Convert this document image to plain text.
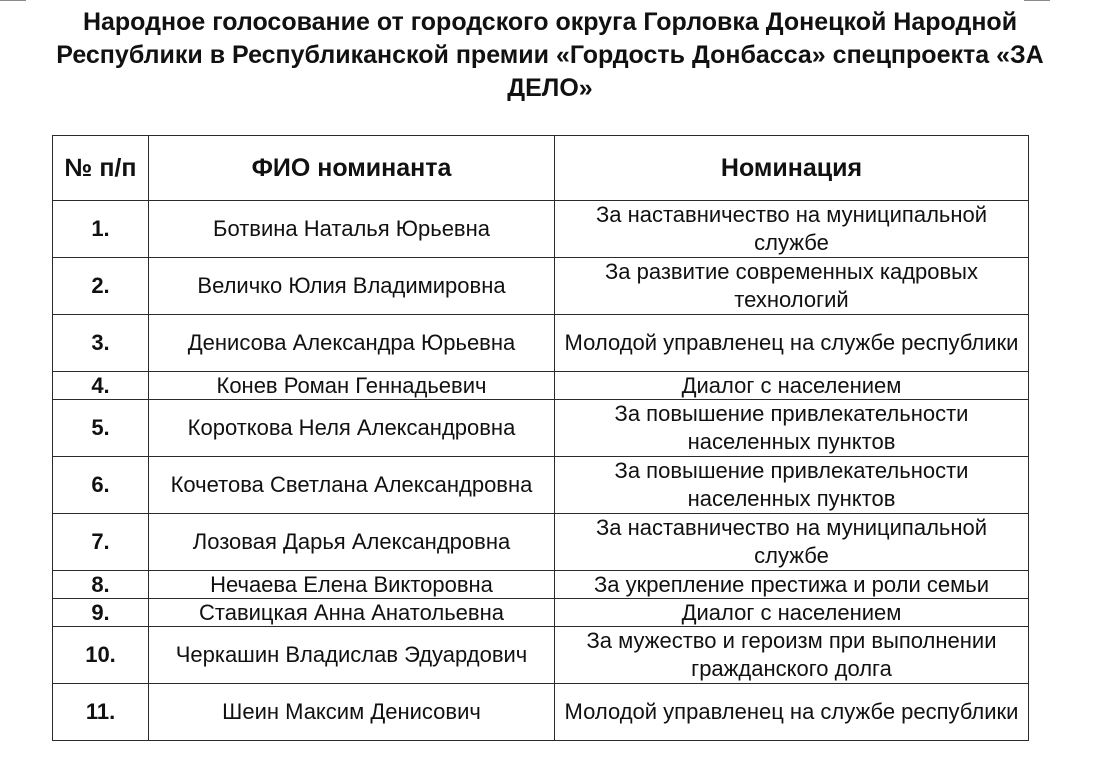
Народное голосование от городского округа Горловка Донецкой Народной Республики в Республиканской премии «Гордость Донбасса» спецпроекта «ЗА ДЕЛО»
№ п/п	ФИО номинанта	Номинация
1.	Ботвина Наталья Юрьевна	За наставничество на муниципальной службе
2.	Величко Юлия Владимировна	За развитие современных кадровых технологий
3.	Денисова Александра Юрьевна	Молодой управленец на службе республики
4.	Конев Роман Геннадьевич	Диалог с населением
5.	Короткова Неля Александровна	За повышение привлекательности населенных пунктов
6.	Кочетова Светлана Александровна	За повышение привлекательности населенных пунктов
7.	Лозовая Дарья Александровна	За наставничество на муниципальной службе
8.	Нечаева Елена Викторовна	За укрепление престижа и роли семьи
9.	Ставицкая Анна Анатольевна	Диалог с населением
10.	Черкашин Владислав Эдуардович	За мужество и героизм при выполнении гражданского долга
11.	Шеин Максим Денисович	Молодой управленец на службе республики
